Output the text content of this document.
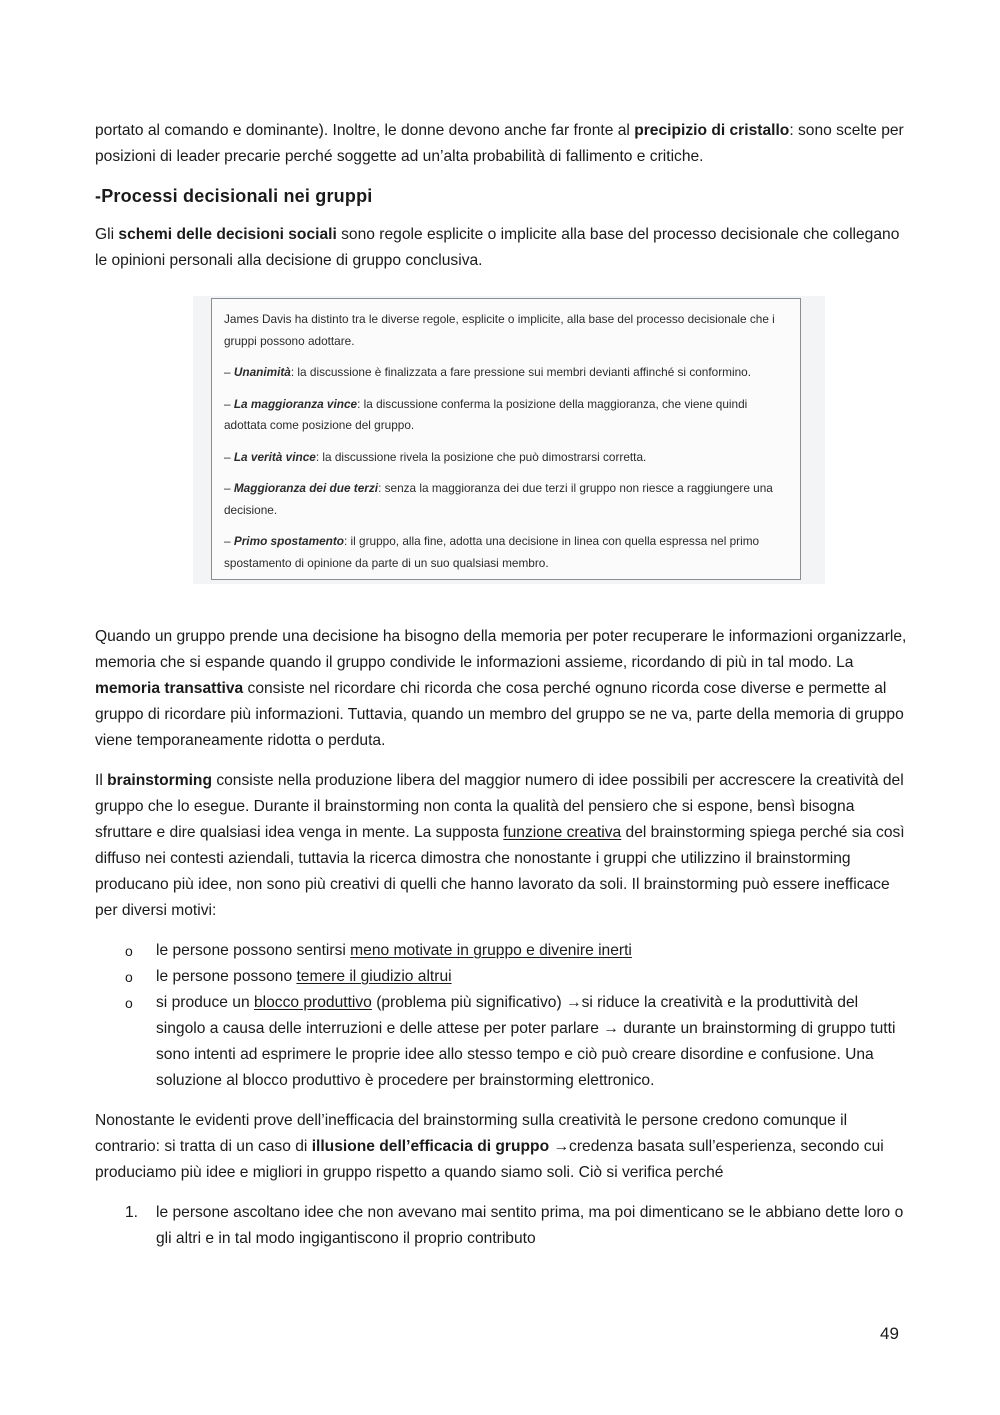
portato al comando e dominante). Inoltre, le donne devono anche far fronte al precipizio di cristallo: sono scelte per posizioni di leader precarie perché soggette ad un’alta probabilità di fallimento e critiche.

-Processi decisionali nei gruppi

Gli schemi delle decisioni sociali sono regole esplicite o implicite alla base del processo decisionale che collegano le opinioni personali alla decisione di gruppo conclusiva.

James Davis ha distinto tra le diverse regole, esplicite o implicite, alla base del processo decisionale che i gruppi possono adottare.
– Unanimità: la discussione è finalizzata a fare pressione sui membri devianti affinché si conformino.
– La maggioranza vince: la discussione conferma la posizione della maggioranza, che viene quindi adottata come posizione del gruppo.
– La verità vince: la discussione rivela la posizione che può dimostrarsi corretta.
– Maggioranza dei due terzi: senza la maggioranza dei due terzi il gruppo non riesce a raggiungere una decisione.
– Primo spostamento: il gruppo, alla fine, adotta una decisione in linea con quella espressa nel primo spostamento di opinione da parte di un suo qualsiasi membro.

Quando un gruppo prende una decisione ha bisogno della memoria per poter recuperare le informazioni organizzarle, memoria che si espande quando il gruppo condivide le informazioni assieme, ricordando di più in tal modo. La memoria transattiva consiste nel ricordare chi ricorda che cosa perché ognuno ricorda cose diverse e permette al gruppo di ricordare più informazioni. Tuttavia, quando un membro del gruppo se ne va, parte della memoria di gruppo viene temporaneamente ridotta o perduta.

Il brainstorming consiste nella produzione libera del maggior numero di idee possibili per accrescere la creatività del gruppo che lo esegue. Durante il brainstorming non conta la qualità del pensiero che si espone, bensì bisogna sfruttare e dire qualsiasi idea venga in mente. La supposta funzione creativa del brainstorming spiega perché sia così diffuso nei contesti aziendali, tuttavia la ricerca dimostra che nonostante i gruppi che utilizzino il brainstorming producano più idee, non sono più creativi di quelli che hanno lavorato da soli. Il brainstorming può essere inefficace per diversi motivi:

o le persone possono sentirsi meno motivate in gruppo e divenire inerti
o le persone possono temere il giudizio altrui
o si produce un blocco produttivo (problema più significativo) →si riduce la creatività e la produttività del singolo a causa delle interruzioni e delle attese per poter parlare → durante un brainstorming di gruppo tutti sono intenti ad esprimere le proprie idee allo stesso tempo e ciò può creare disordine e confusione. Una soluzione al blocco produttivo è procedere per brainstorming elettronico.

Nonostante le evidenti prove dell’inefficacia del brainstorming sulla creatività le persone credono comunque il contrario: si tratta di un caso di illusione dell’efficacia di gruppo →credenza basata sull’esperienza, secondo cui produciamo più idee e migliori in gruppo rispetto a quando siamo soli. Ciò si verifica perché

1. le persone ascoltano idee che non avevano mai sentito prima, ma poi dimenticano se le abbiano dette loro o gli altri e in tal modo ingigantiscono il proprio contributo
49
